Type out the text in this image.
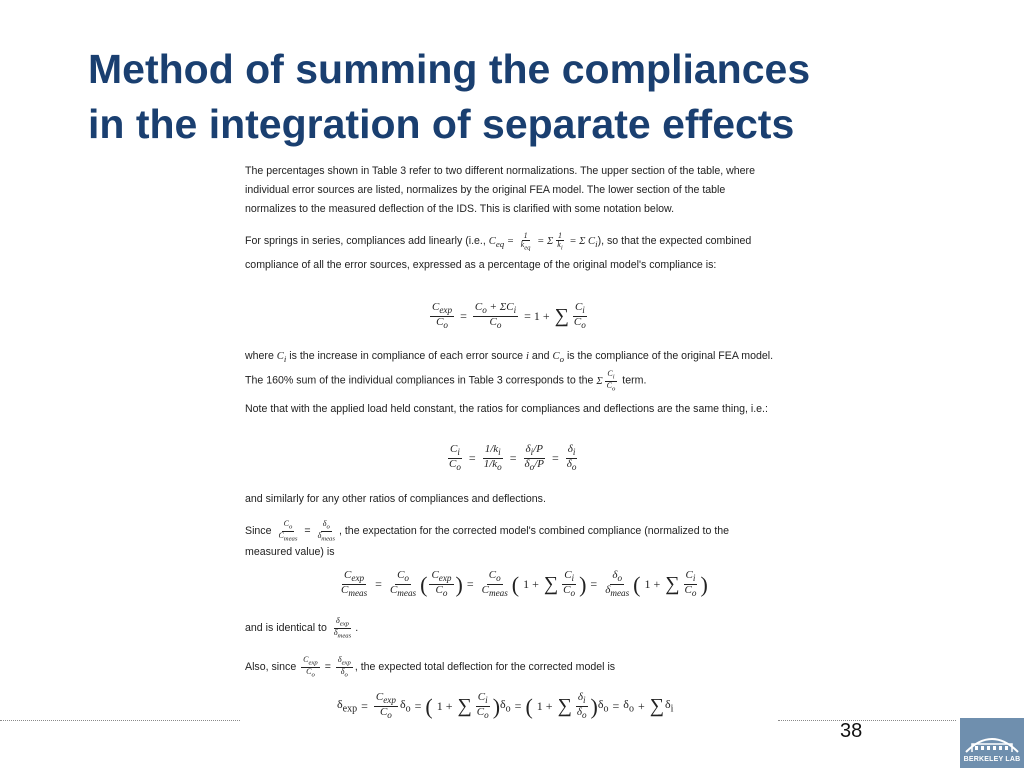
Method of summing the compliances
in the integration of separate effects

The percentages shown in Table 3 refer to two different normalizations. The upper section of the table, where individual error sources are listed, normalizes by the original FEA model. The lower section of the table normalizes to the measured deflection of the IDS. This is clarified with some notation below.

For springs in series, compliances add linearly (i.e., $C_{eq} = \frac{1}{k_{eq}} = \Sigma \frac{1}{k_i} = \Sigma$ $C_i$), so that the expected combined compliance of all the error sources, expressed as a percentage of the original model's compliance is:

$\frac{C_{exp}}{C_o} = \frac{C_o + \Sigma C_i}{C_o} = 1$ + ∑ $\frac{C_i}{C_o}$

where $C_i$ is the increase in compliance of each error source i and $C_o$ is the compliance of the original FEA model. The 160% sum of the individual compliances in Table 3 corresponds to the Σ $\frac{C_i}{C_o}$ term.

Note that with the applied load held constant, the ratios for compliances and deflections are the same thing, i.e.:

$\frac{C_i}{C_o} = \frac{1/k_i}{1/k_o} = \frac{\delta_i/P}{\delta_o/P} = \frac{\delta_i}{\delta_o}$

and similarly for any other ratios of compliances and deflections.

Since $\frac{C_o}{C_{meas}} = \frac{\delta_o}{\delta_{meas}}$ , the expectation for the corrected model's combined compliance (normalized to the measured value) is

$\frac{C_{exp}}{C_{meas}} = \frac{C_o}{C_{meas}}$ ( $\frac{C_{exp}}{C_o}$ ) = $\frac{C_o}{C_{meas}}$ ( 1 + ∑ $\frac{C_i}{C_o}$ ) = $\frac{\delta_o}{\delta_{meas}}$ ( 1 + ∑ $\frac{C_i}{C_o}$ )

and is identical to $\frac{\delta_{exp}}{\delta_{meas}}$ .

Also, since $\frac{C_{exp}}{C_o} = \frac{\delta_{exp}}{\delta_o}$ , the expected total deflection for the corrected model is

$\delta_{exp} = \frac{C_{exp}}{C_o} \delta_o$ = ( 1 + ∑ $\frac{C_i}{C_o}$ ) $\delta_o$ = ( 1 + ∑ $\frac{\delta_i}{\delta_o}$ ) $\delta_o = \delta_o$ + ∑ $\delta_i$
38
BERKELEY LAB
